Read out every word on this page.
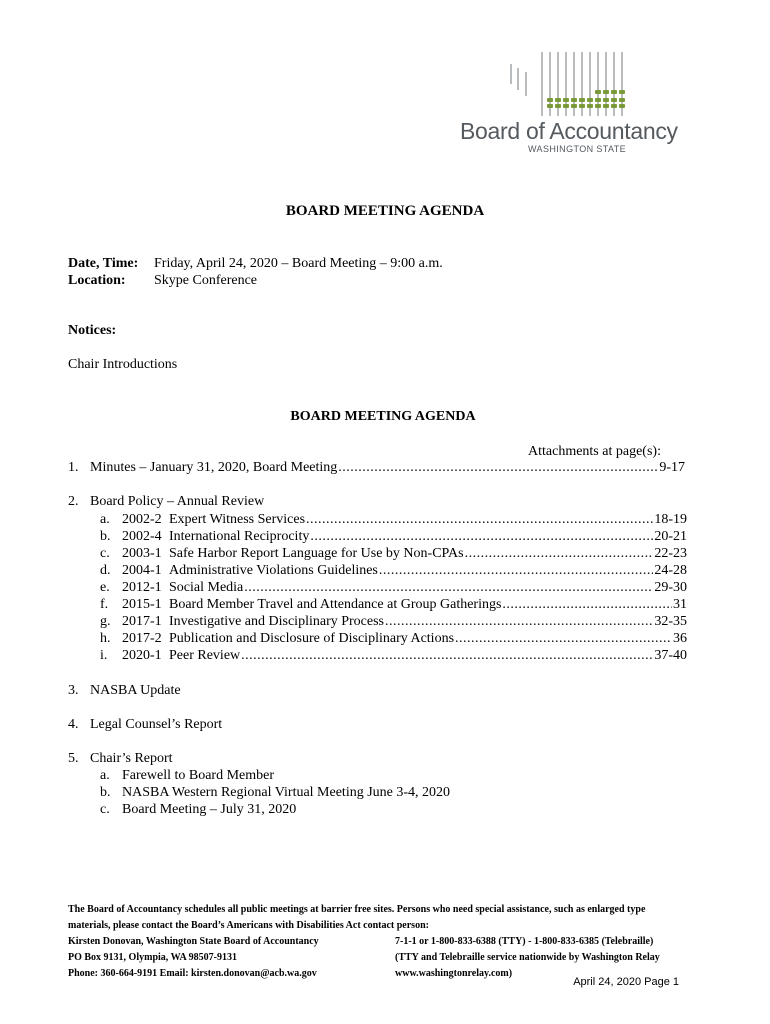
Board of Accountancy
WASHINGTON STATE
BOARD MEETING AGENDA
Date, Time: Friday, April 24, 2020 – Board Meeting – 9:00 a.m.
Location: Skype Conference
Notices:
Chair Introductions
BOARD MEETING AGENDA
Attachments at page(s):
1. Minutes – January 31, 2020, Board Meeting .....	9-17
2. Board Policy – Annual Review
a. 2002-2 Expert Witness Services .....	18-19
b. 2002-4 International Reciprocity .....	20-21
c. 2003-1 Safe Harbor Report Language for Use by Non-CPAs .....	22-23
d. 2004-1 Administrative Violations Guidelines .....	24-28
e. 2012-1 Social Media .....	29-30
f. 2015-1 Board Member Travel and Attendance at Group Gatherings .....	31
g. 2017-1 Investigative and Disciplinary Process .....	32-35
h. 2017-2 Publication and Disclosure of Disciplinary Actions .....	36
i.	2020-1 Peer Review .....	37-40
3. NASBA Update
4. Legal Counsel’s Report
5. Chair’s Report
a. Farewell to Board Member
b. NASBA Western Regional Virtual Meeting June 3-4, 2020
c. Board Meeting – July 31, 2020
The Board of Accountancy schedules all public meetings at barrier free sites. Persons who need special assistance, such as enlarged type
materials, please contact the Board’s Americans with Disabilities Act contact person:
Kirsten Donovan, Washington State Board of Accountancy
PO Box 9131, Olympia, WA 98507-9131
Phone: 360-664-9191 Email: kirsten.donovan@acb.wa.gov
7-1-1 or 1-800-833-6388 (TTY) - 1-800-833-6385 (Telebraille)
(TTY and Telebraille service nationwide by Washington Relay
www.washingtonrelay.com)
April 24, 2020 Page 1
